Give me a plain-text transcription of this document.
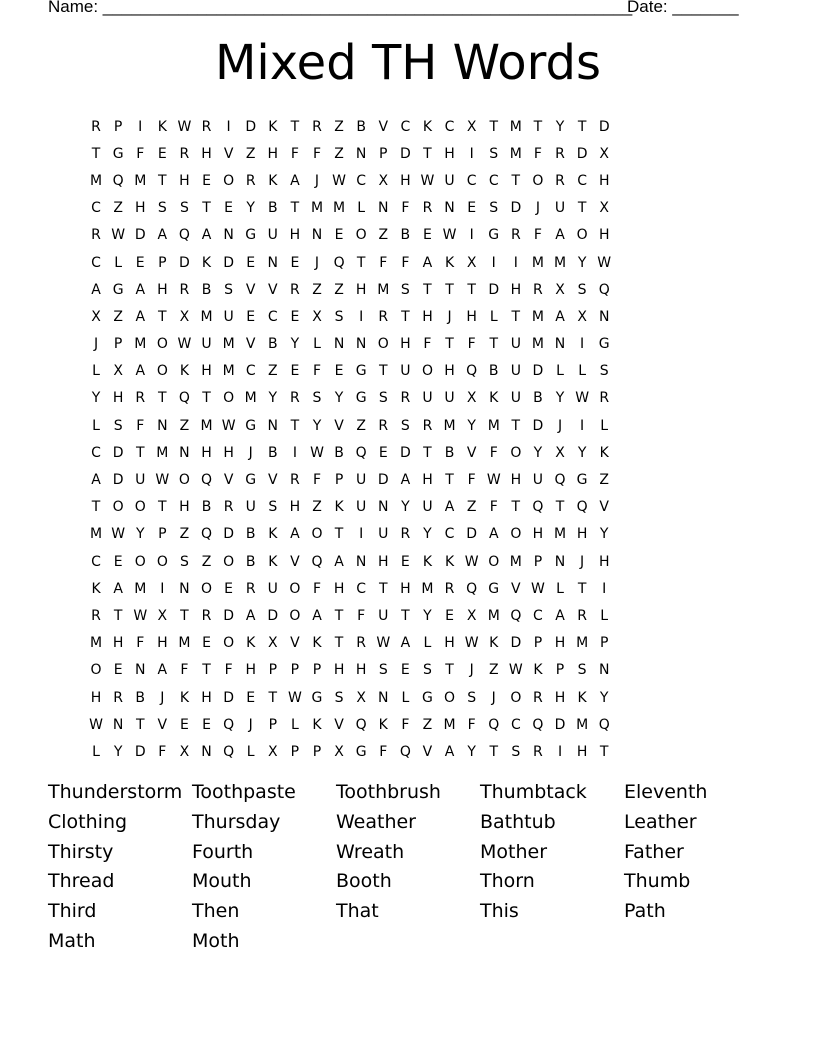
Name: ________________________________________________________
Date: _______
Mixed TH Words
R P	I	K W R	I	D K T R Z B V C K C X T M T Y T D
T G F E R H V Z H F	F Z N P D T H	I	S M F R D X
M Q M T H E O R K A	J W C X H W U C C T O R C H
C Z H S S T E Y B T M M L N F R N E S D	J	U T X
R W D A Q A N G U H N E O Z B E W I	G R F A O H
C L E P D K D E N E	J	Q T F	F A K X	I	I M M Y W
A G A H R B S V V R Z Z H M S T T T D H R X S Q
X Z A T X M U E C E X S	I	R T H	J	H L T M A X N
J	P M O W U M V B Y L N N O H F T F T U M N	I	G
L X A O K H M C Z E F E G T U O H Q B U D L	L S
Y H R T Q T O M Y R S Y G S R U U X K U B Y W R
L S F N Z M W G N T Y V Z R S R M Y M T D	J	I	L
C D T M N H H	J	B	I W B Q E D T B V F O Y X Y K
A D U W O Q V G V R F P U D A H T F W H U Q G Z
T O O T H B R U S H Z K U N Y U A Z F T Q T Q V
M W Y P Z Q D B K A O T	I	U R Y C D A O H M H Y
C E O O S Z O B K V Q A N H E K K W O M P N	J	H
K A M I	N O E R U O F H C T H M R Q G V W L T	I
R T W X T R D A D O A T F U T Y E X M Q C A R L
M H F H M E O K X V K T R W A L H W K D P H M P
O E N A F T F H P P P H H S E S T	J	Z W K P S N
H R B	J	K H D E T W G S X N L G O S	J	O R H K Y
W N T V E E Q	J	P L K V Q K F Z M F Q C Q D M Q
L Y D F X N Q L X P P X G F Q V A Y T S R	I	H T
Thunderstorm Toothpaste	Toothbrush	Thumbtack	Eleventh
Clothing	Thursday	Weather	Bathtub	Leather
Thirsty	Fourth	Wreath	Mother	Father
Thread	Mouth	Booth	Thorn	Thumb
Third	Then	That	This	Path
Math	Moth
